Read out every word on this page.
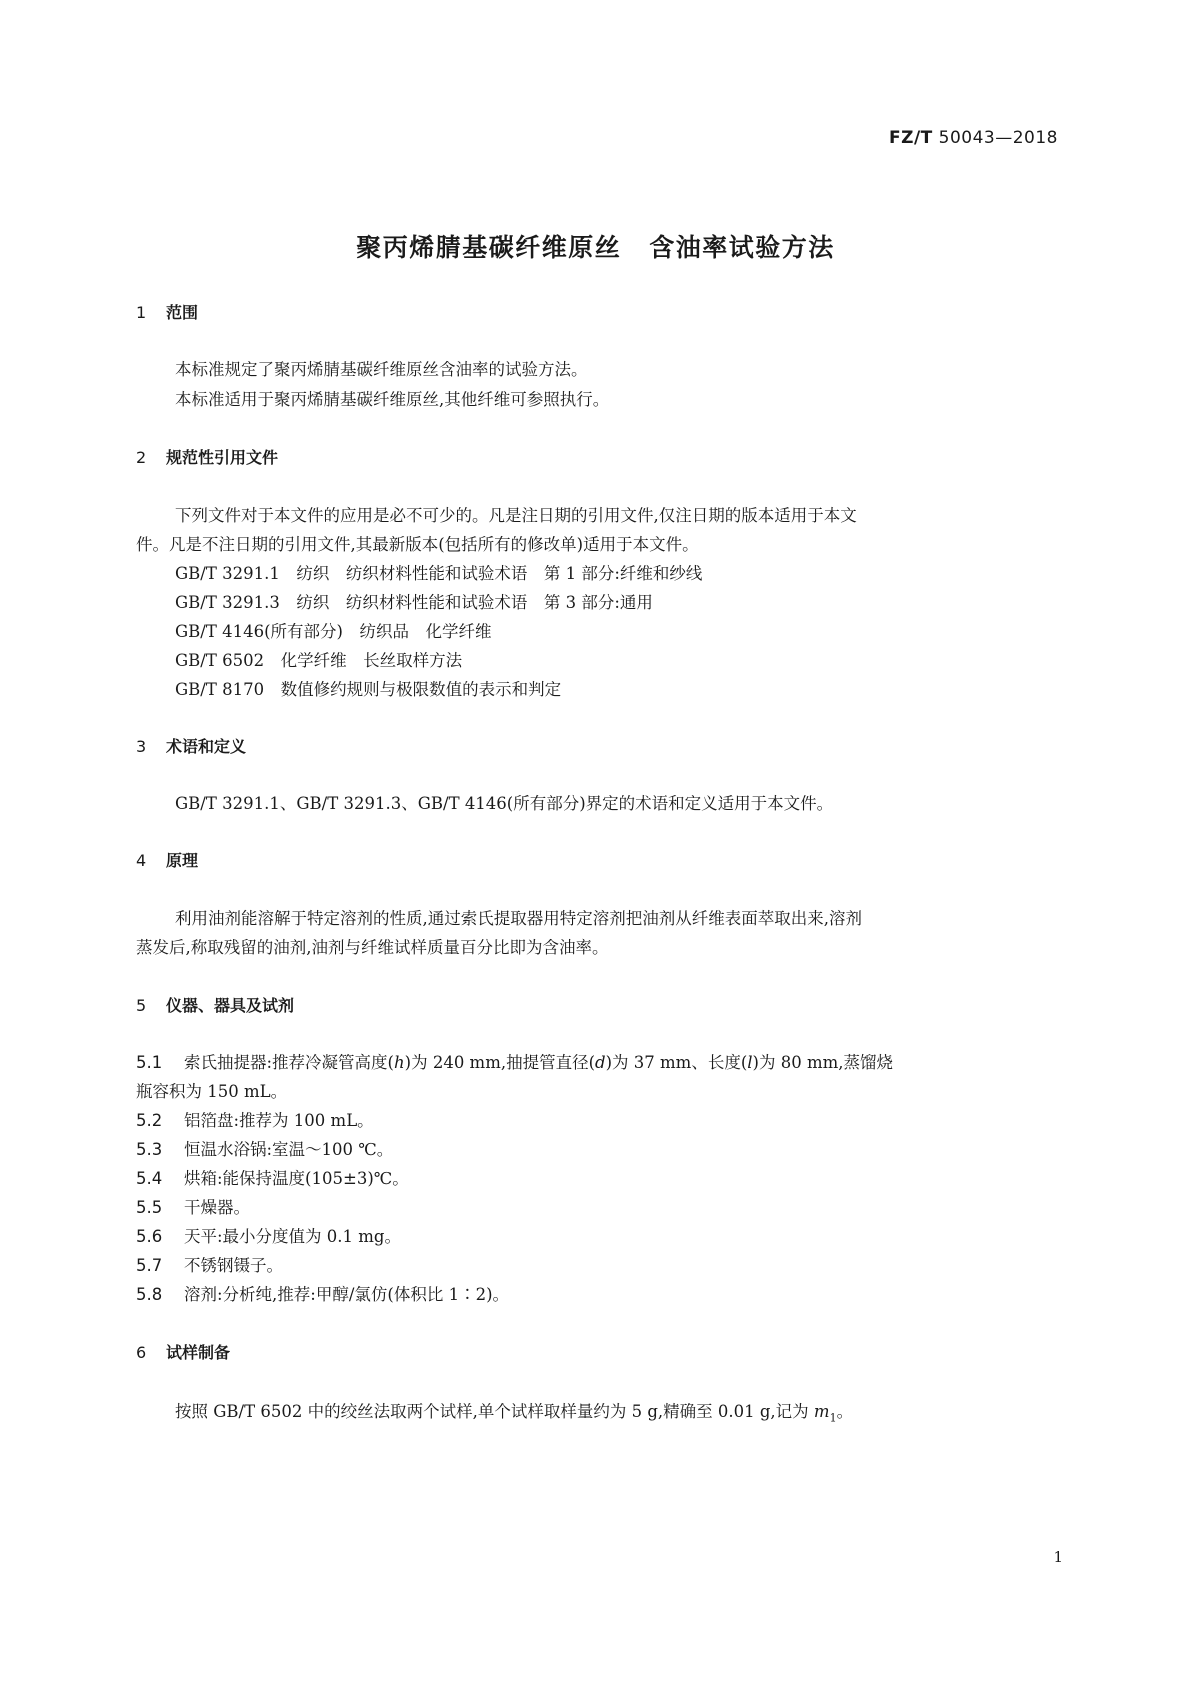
FZ/T 50043—2018
聚丙烯腈基碳纤维原丝 含油率试验方法
1 范围
本标准规定了聚丙烯腈基碳纤维原丝含油率的试验方法。
本标准适用于聚丙烯腈基碳纤维原丝,其他纤维可参照执行。
2 规范性引用文件
下列文件对于本文件的应用是必不可少的。凡是注日期的引用文件,仅注日期的版本适用于本文
件。凡是不注日期的引用文件,其最新版本(包括所有的修改单)适用于本文件。
GB/T 3291.1　纺织　纺织材料性能和试验术语　第 1 部分:纤维和纱线
GB/T 3291.3　纺织　纺织材料性能和试验术语　第 3 部分:通用
GB/T 4146(所有部分)　纺织品　化学纤维
GB/T 6502　化学纤维　长丝取样方法
GB/T 8170　数值修约规则与极限数值的表示和判定
3 术语和定义
GB/T 3291.1、GB/T 3291.3、GB/T 4146(所有部分)界定的术语和定义适用于本文件。
4 原理
利用油剂能溶解于特定溶剂的性质,通过索氏提取器用特定溶剂把油剂从纤维表面萃取出来,溶剂
蒸发后,称取残留的油剂,油剂与纤维试样质量百分比即为含油率。
5 仪器、器具及试剂
5.1 索氏抽提器:推荐冷凝管高度(h)为 240 mm,抽提管直径(d)为 37 mm、长度(l)为 80 mm,蒸馏烧
瓶容积为 150 mL。
5.2 铝箔盘:推荐为 100 mL。
5.3 恒温水浴锅:室温～100 ℃。
5.4 烘箱:能保持温度(105±3)℃。
5.5 干燥器。
5.6 天平:最小分度值为 0.1 mg。
5.7 不锈钢镊子。
5.8 溶剂:分析纯,推荐:甲醇/氯仿(体积比 1∶2)。
6 试样制备
按照 GB/T 6502 中的绞丝法取两个试样,单个试样取样量约为 5 g,精确至 0.01 g,记为 $m_1$。
1
